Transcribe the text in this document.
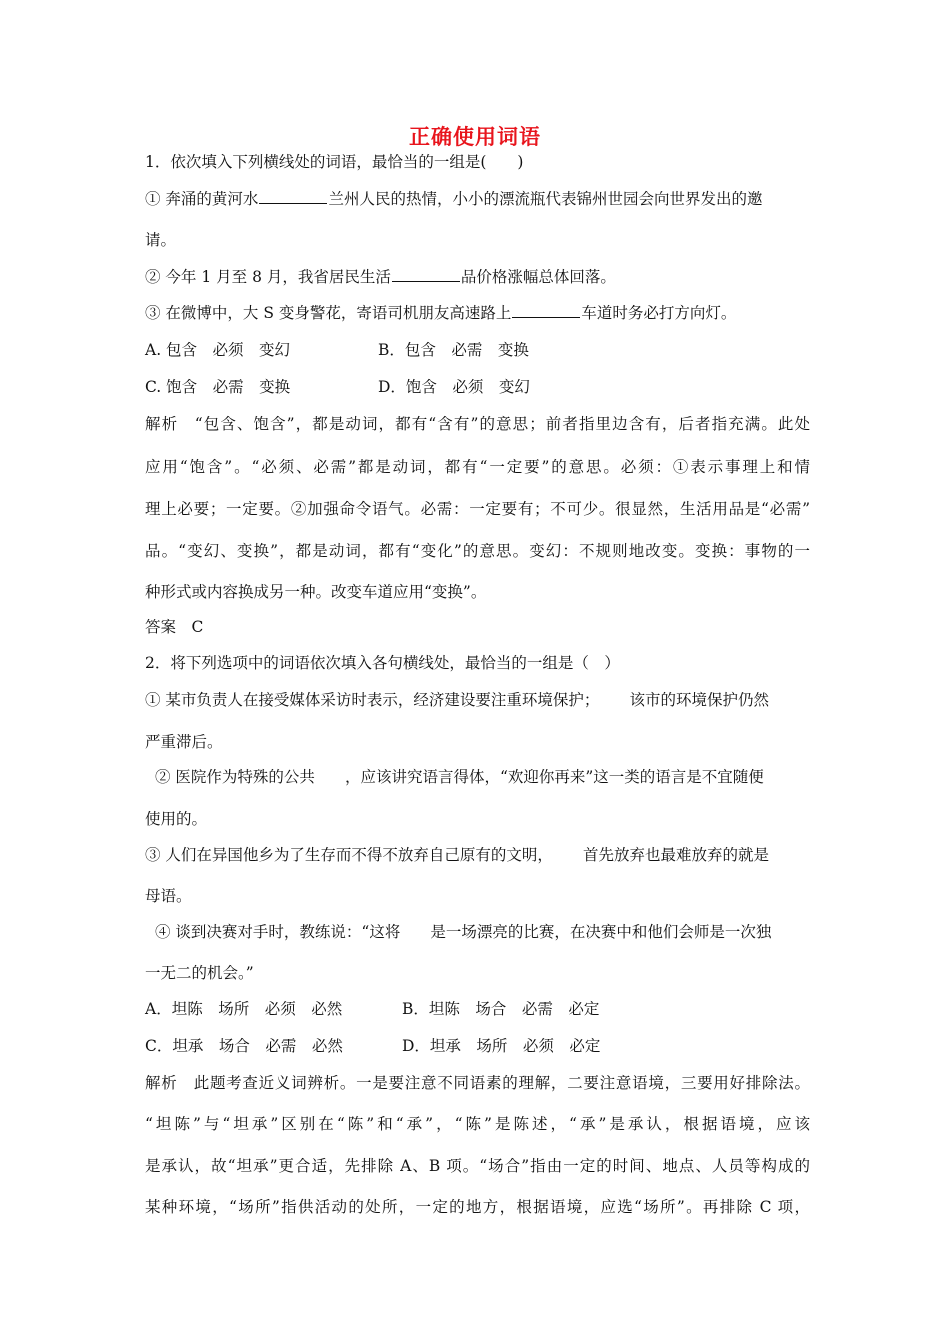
正确使用词语
1．依次填入下列横线处的词语，最恰当的一组是(　　)
① 奔涌的黄河水	兰州人民的热情，小小的漂流瓶代表锦州世园会向世界发出的邀
请。
② 今年 1 月至 8 月，我省居民生活	品价格涨幅总体回落。
③ 在微博中，大 S 变身警花，寄语司机朋友高速路上	车道时务必打方向灯。
A. 包含　必须　变幻	B．包含　必需　变换
C. 饱含　必需　变换	D．饱含　必须　变幻
解析　“包含、饱含”，都是动词，都有“含有”的意思；前者指里边含有，后者指充满。此处
应用“饱含”。“必须、必需”都是动词，都有“一定要”的意思。必须：①表示事理上和情
理上必要；一定要。②加强命令语气。必需：一定要有；不可少。很显然，生活用品是“必需”
品。“变幻、变换”，都是动词，都有“变化”的意思。变幻：不规则地改变。变换：事物的一
种形式或内容换成另一种。改变车道应用“变换”。
答案　C
2．将下列选项中的词语依次填入各句横线处，最恰当的一组是（　）
① 某市负责人在接受媒体采访时表示，经济建设要注重环境保护； 该市的环境保护仍然
严重滞后。
② 医院作为特殊的公共 ，应该讲究语言得体，“欢迎你再来”这一类的语言是不宜随便
使用的。
③ 人们在异国他乡为了生存而不得不放弃自己原有的文明， 首先放弃也最难放弃的就是
母语。
④ 谈到决赛对手时，教练说：“这将 是一场漂亮的比赛，在决赛中和他们会师是一次独
一无二的机会。”
A．坦陈　场所　必须　必然	B．坦陈　场合　必需　必定
C．坦承　场合　必需　必然	D．坦承　场所　必须　必定
解析　此题考查近义词辨析。一是要注意不同语素的理解，二要注意语境，三要用好排除法。
“坦陈”与“坦承”区别在“陈”和“承”，“陈”是陈述，“承”是承认，根据语境，应该
是承认，故“坦承”更合适，先排除 A、B 项。“场合”指由一定的时间、地点、人员等构成的
某种环境，“场所”指供活动的处所，一定的地方，根据语境，应选“场所”。再排除 C 项，
